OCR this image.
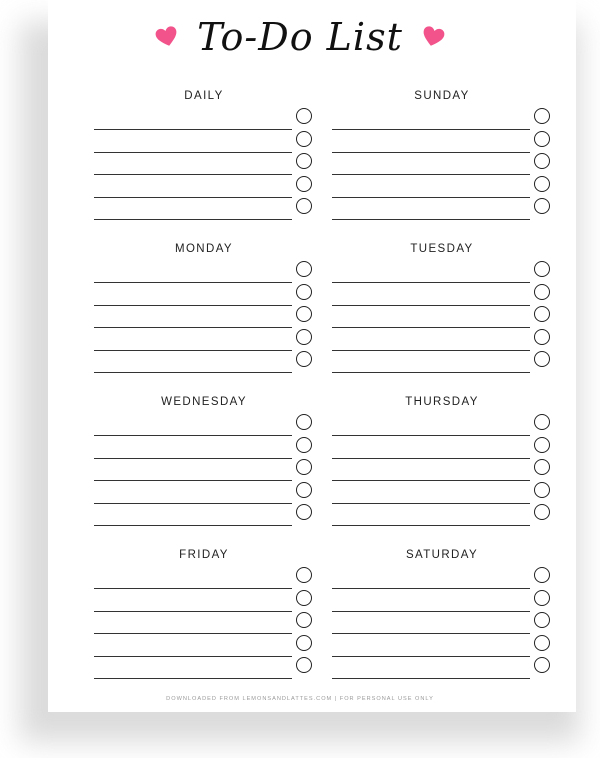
To-Do List
DAILY	SUNDAY
MONDAY	TUESDAY
WEDNESDAY	THURSDAY
FRIDAY	SATURDAY
DOWNLOADED FROM LEMONSANDLATTES.COM | FOR PERSONAL USE ONLY
